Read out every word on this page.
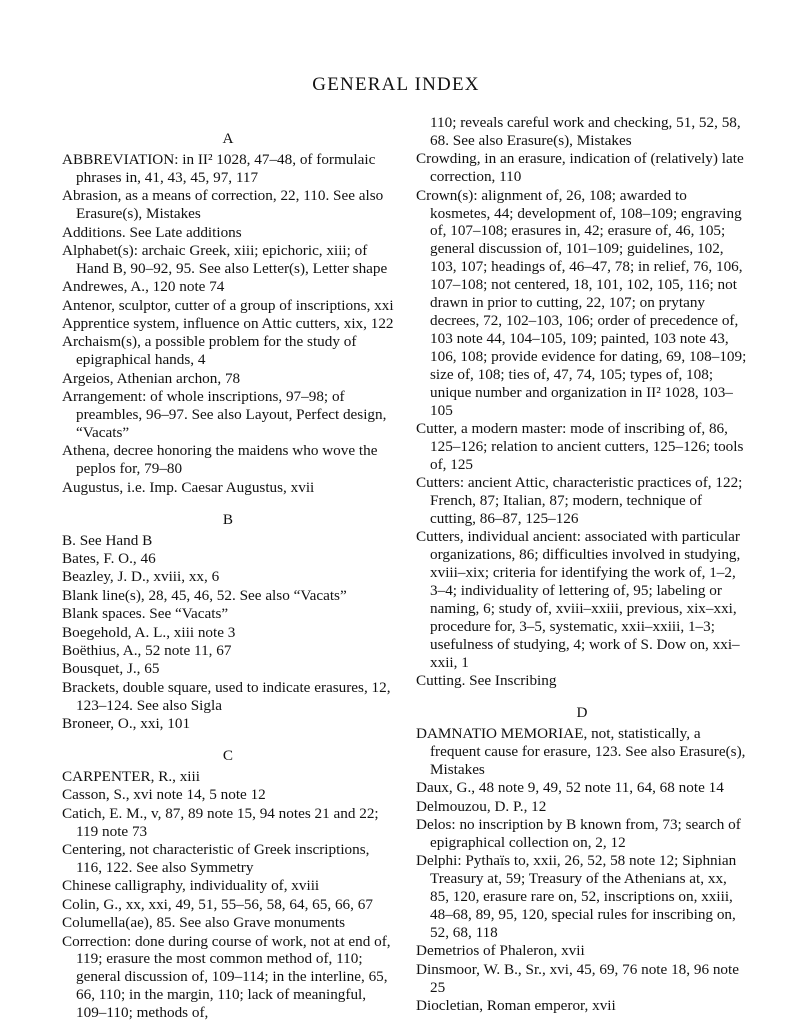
GENERAL INDEX
A

ABBREVIATION: in II² 1028, 47–48, of formulaic phrases in, 41, 43, 45, 97, 117

Abrasion, as a means of correction, 22, 110. See also Erasure(s), Mistakes

Additions. See Late additions

Alphabet(s): archaic Greek, xiii; epichoric, xiii; of Hand B, 90–92, 95. See also Letter(s), Letter shape

Andrewes, A., 120 note 74

Antenor, sculptor, cutter of a group of inscriptions, xxi

Apprentice system, influence on Attic cutters, xix, 122

Archaism(s), a possible problem for the study of epigraphical hands, 4

Argeios, Athenian archon, 78

Arrangement: of whole inscriptions, 97–98; of preambles, 96–97. See also Layout, Perfect design, “Vacats”

Athena, decree honoring the maidens who wove the peplos for, 79–80

Augustus, i.e. Imp. Caesar Augustus, xvii

B

B. See Hand B

Bates, F. O., 46

Beazley, J. D., xviii, xx, 6

Blank line(s), 28, 45, 46, 52. See also “Vacats”

Blank spaces. See “Vacats”

Boegehold, A. L., xiii note 3

Boëthius, A., 52 note 11, 67

Bousquet, J., 65

Brackets, double square, used to indicate erasures, 12, 123–124. See also Sigla

Broneer, O., xxi, 101

C

CARPENTER, R., xiii

Casson, S., xvi note 14, 5 note 12

Catich, E. M., v, 87, 89 note 15, 94 notes 21 and 22; 119 note 73

Centering, not characteristic of Greek inscriptions, 116, 122. See also Symmetry

Chinese calligraphy, individuality of, xviii

Colin, G., xx, xxi, 49, 51, 55–56, 58, 64, 65, 66, 67

Columella(ae), 85. See also Grave monuments

Correction: done during course of work, not at end of, 119; erasure the most common method of, 110; general discussion of, 109–114; in the interline, 65, 66, 110; in the margin, 110; lack of meaningful, 109–110; methods of,

110; reveals careful work and checking, 51, 52, 58, 68. See also Erasure(s), Mistakes

Crowding, in an erasure, indication of (relatively) late correction, 110

Crown(s): alignment of, 26, 108; awarded to kosmetes, 44; development of, 108–109; engraving of, 107–108; erasures in, 42; erasure of, 46, 105; general discussion of, 101–109; guidelines, 102, 103, 107; headings of, 46–47, 78; in relief, 76, 106, 107–108; not centered, 18, 101, 102, 105, 116; not drawn in prior to cutting, 22, 107; on prytany decrees, 72, 102–103, 106; order of precedence of, 103 note 44, 104–105, 109; painted, 103 note 43, 106, 108; provide evidence for dating, 69, 108–109; size of, 108; ties of, 47, 74, 105; types of, 108; unique number and organization in II² 1028, 103–105

Cutter, a modern master: mode of inscribing of, 86, 125–126; relation to ancient cutters, 125–126; tools of, 125

Cutters: ancient Attic, characteristic practices of, 122; French, 87; Italian, 87; modern, technique of cutting, 86–87, 125–126

Cutters, individual ancient: associated with particular organizations, 86; difficulties involved in studying, xviii–xix; criteria for identifying the work of, 1–2, 3–4; individuality of lettering of, 95; labeling or naming, 6; study of, xviii–xxiii, previous, xix–xxi, procedure for, 3–5, systematic, xxii–xxiii, 1–3; usefulness of studying, 4; work of S. Dow on, xxi–xxii, 1

Cutting. See Inscribing

D

DAMNATIO MEMORIAE, not, statistically, a frequent cause for erasure, 123. See also Erasure(s), Mistakes

Daux, G., 48 note 9, 49, 52 note 11, 64, 68 note 14

Delmouzou, D. P., 12

Delos: no inscription by B known from, 73; search of epigraphical collection on, 2, 12

Delphi: Pythaïs to, xxii, 26, 52, 58 note 12; Siphnian Treasury at, 59; Treasury of the Athenians at, xx, 85, 120, erasure rare on, 52, inscriptions on, xxiii, 48–68, 89, 95, 120, special rules for inscribing on, 52, 68, 118

Demetrios of Phaleron, xvii

Dinsmoor, W. B., Sr., xvi, 45, 69, 76 note 18, 96 note 25

Diocletian, Roman emperor, xvii
